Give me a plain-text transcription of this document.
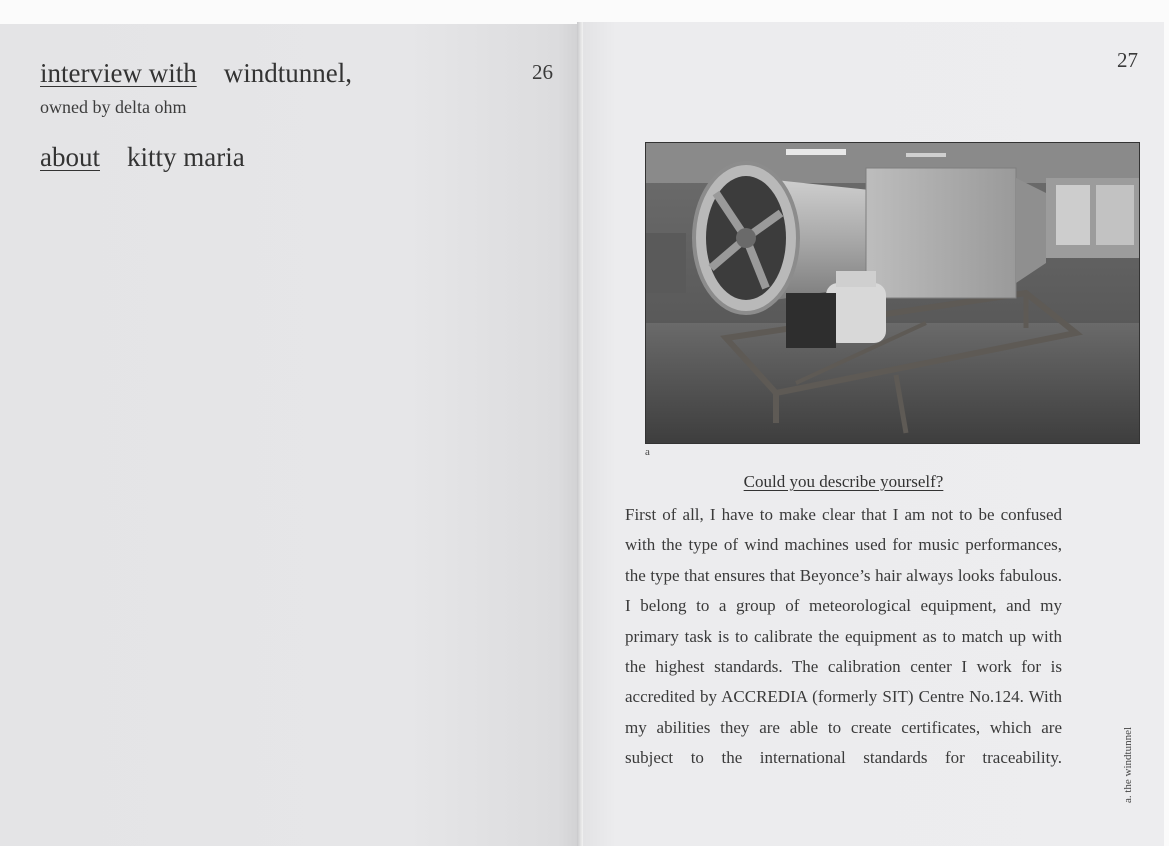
interview with windtunnel,
owned by delta ohm
about kitty maria
26	27
a
Could you describe yourself?

First of all, I have to make clear that I am not to be confused with the type of wind machines used for music performances, the type that ensures that Beyonce’s hair always looks fabulous. I belong to a group of meteorological equipment, and my primary task is to calibrate the equipment as to match up with the highest standards. The calibration center I work for is accredited by ACCREDIA (formerly SIT) Centre No.124. With my abilities they are able to create certificates, which are subject to the international standards for traceability.	a. the windtunnel
